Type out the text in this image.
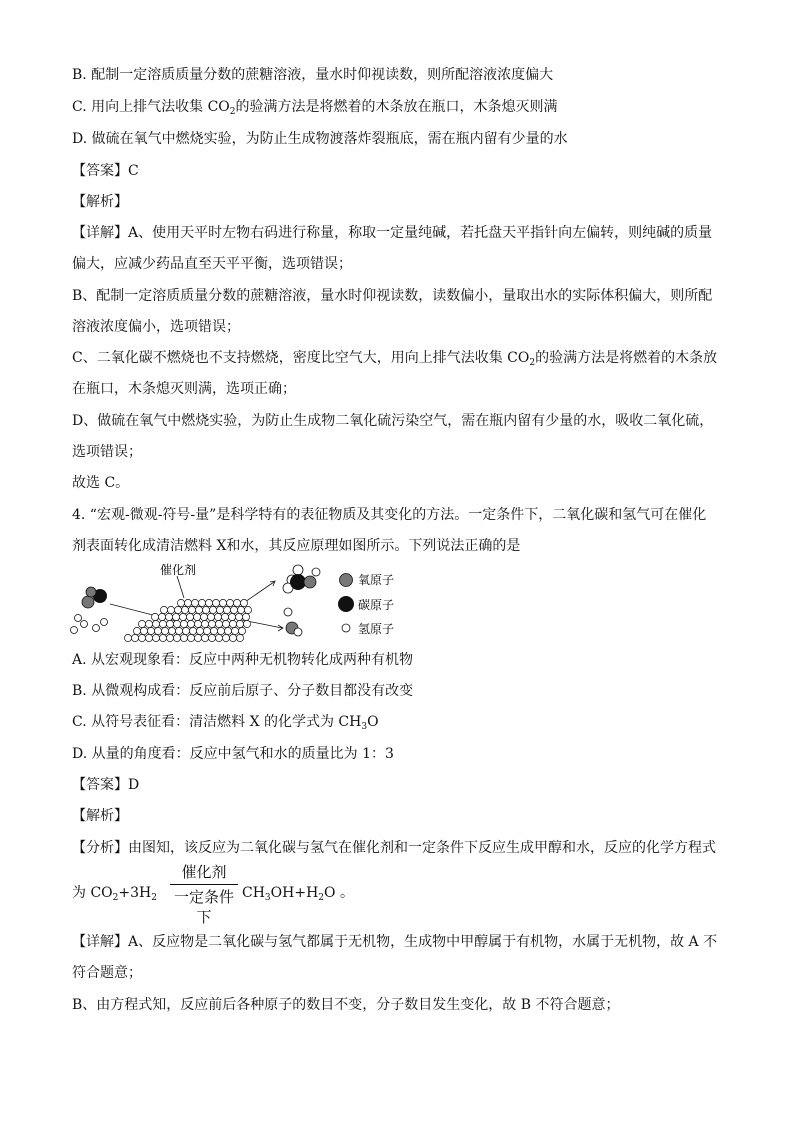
B. 配制一定溶质质量分数的蔗糖溶液，量水时仰视读数，则所配溶液浓度偏大
C. 用向上排气法收集 $CO_2$的验满方法是将燃着的木条放在瓶口，木条熄灭则满
D. 做硫在氧气中燃烧实验，为防止生成物渡落炸裂瓶底，需在瓶内留有少量的水
【答案】C
【解析】
【详解】A、使用天平时左物右码进行称量，称取一定量纯碱，若托盘天平指针向左偏转，则纯碱的质量
偏大，应减少药品直至天平平衡，选项错误；
B、配制一定溶质质量分数的蔗糖溶液，量水时仰视读数，读数偏小，量取出水的实际体积偏大，则所配
溶液浓度偏小，选项错误；
C、二氧化碳不燃烧也不支持燃烧，密度比空气大，用向上排气法收集 $CO_2$的验满方法是将燃着的木条放
在瓶口，木条熄灭则满，选项正确；
D、做硫在氧气中燃烧实验，为防止生成物二氧化硫污染空气，需在瓶内留有少量的水，吸收二氧化硫，
选项错误；
故选 C。
4. “宏观-微观-符号-量”是科学特有的表征物质及其变化的方法。一定条件下，二氧化碳和氢气可在催化
剂表面转化成清洁燃料 X和水，其反应原理如图所示。下列说法正确的是
催化剂
氧原子
碳原子
氢原子
A. 从宏观现象看：反应中两种无机物转化成两种有机物
B. 从微观构成看：反应前后原子、分子数目都没有改变
C. 从符号表征看：清洁燃料 X 的化学式为 $CH_3O$
D. 从量的角度看：反应中氢气和水的质量比为 1：3
【答案】D
【解析】
【分析】由图知，该反应为二氧化碳与氢气在催化剂和一定条件下反应生成甲醇和水，反应的化学方程式
为 $CO_2+3H_2$
催化剂
一定条件下
$CH_3OH+H_2O$ 。
【详解】A、反应物是二氧化碳与氢气都属于无机物，生成物中甲醇属于有机物，水属于无机物，故 A 不
符合题意；
B、由方程式知，反应前后各种原子的数目不变，分子数目发生变化，故 B 不符合题意；
